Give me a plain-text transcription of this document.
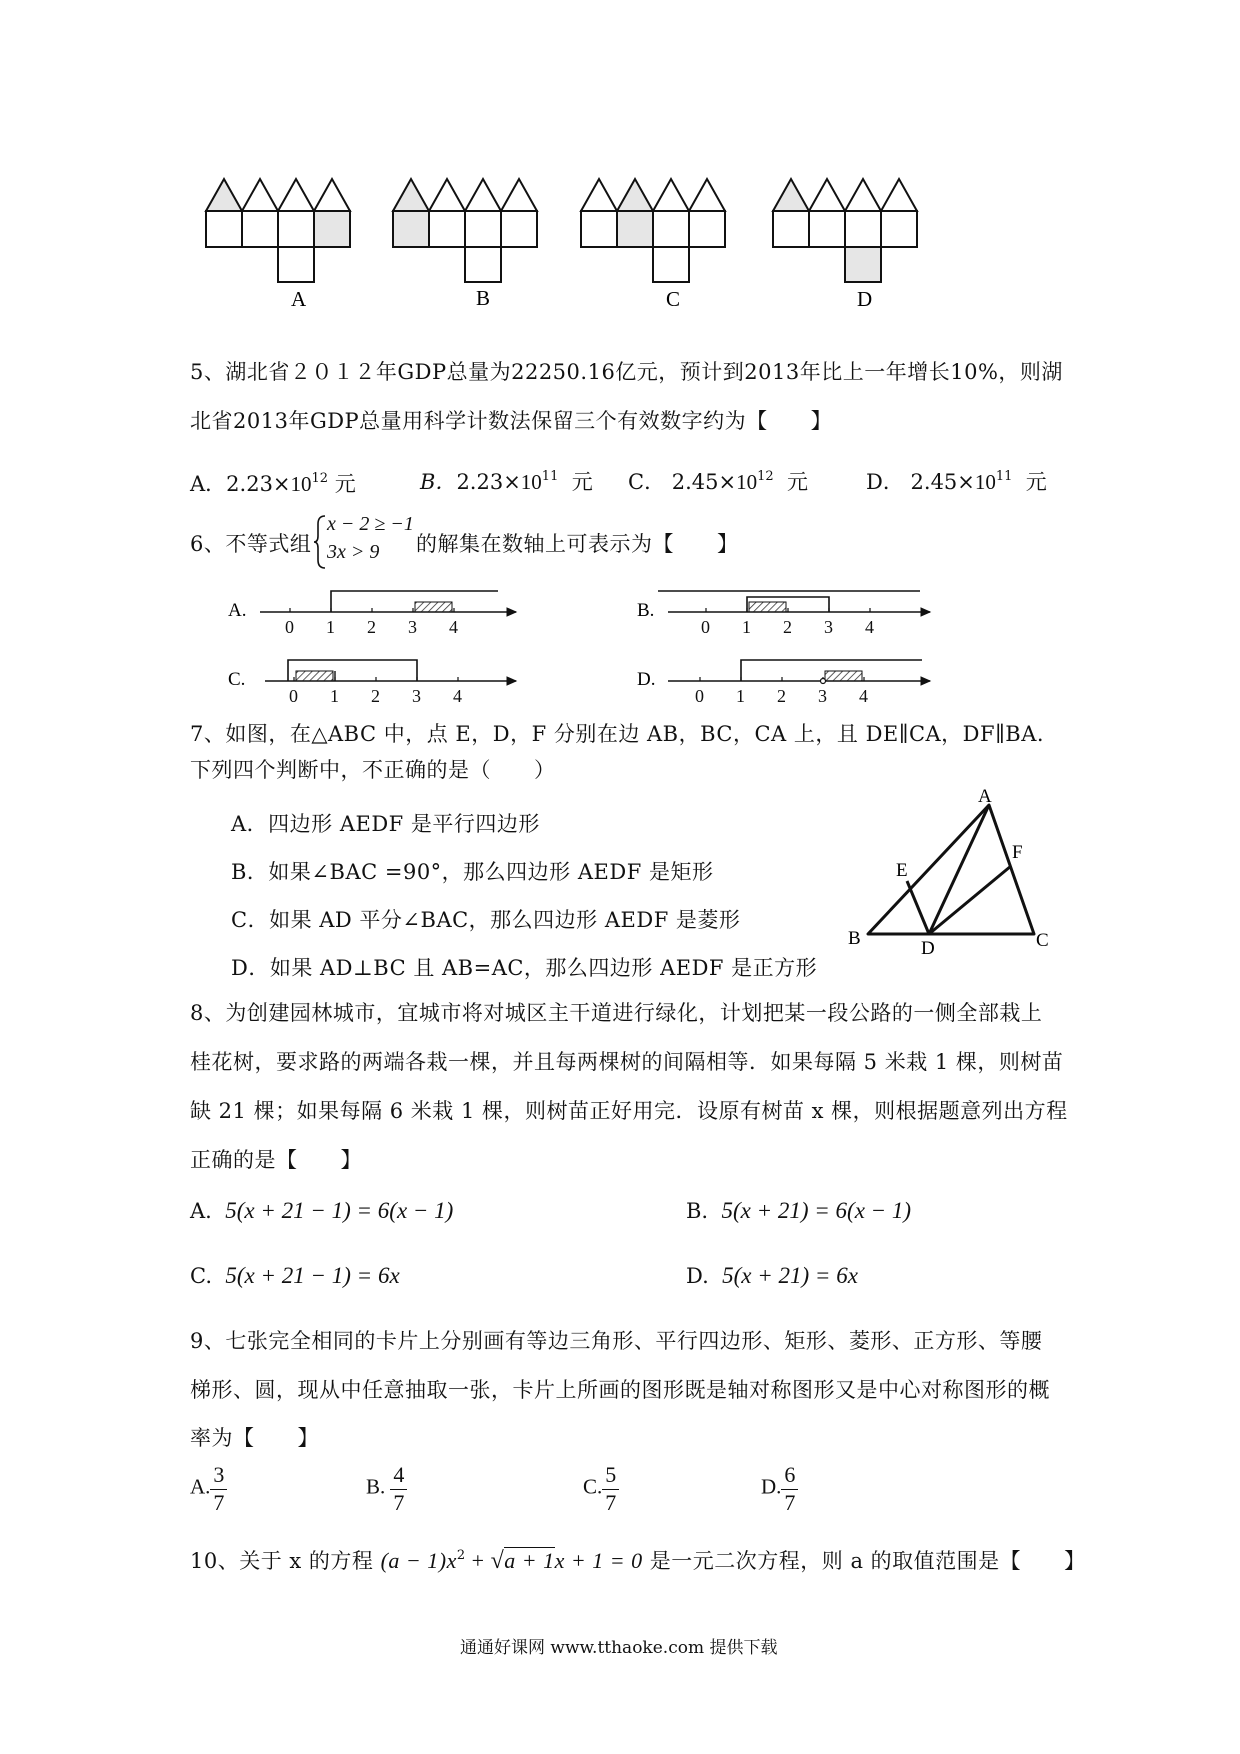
A	B	C	D
5、湖北省２０１２年GDP总量为22250.16亿元，预计到2013年比上一年增长10%，则湖
北省2013年GDP总量用科学计数法保留三个有效数字约为【　　】
A．$2.23\times 10^{12}$ 元	B．$2.23\times 10^{11}$ 元 C． $2.45\times 10^{12}$ 元	D． $2.45\times 10^{11}$ 元
6、不等式组
x − 2 ≥ −1
3x > 9 的解集在数轴上可表示为【　　】
A.	B.
C.	D.
0 1 2 3 4	0 1 2 3 4
0 1 2 3 4	0 1 2 3 4
7、如图，在△ABC 中，点 E，D，F 分别在边 AB，BC，CA 上，且 DE∥CA，DF∥BA.
下列四个判断中，不正确的是（　　）
A．四边形 AEDF 是平行四边形
B．如果∠BAC =90°，那么四边形 AEDF 是矩形
C．如果 AD 平分∠BAC，那么四边形 AEDF 是菱形
D．如果 AD⊥BC 且 AB=AC，那么四边形 AEDF 是正方形
A
B	C
D
E
F
8、为创建园林城市，宜城市将对城区主干道进行绿化，计划把某一段公路的一侧全部栽上
桂花树，要求路的两端各栽一棵，并且每两棵树的间隔相等．如果每隔 5 米栽 1 棵，则树苗
缺 21 棵；如果每隔 6 米栽 1 棵，则树苗正好用完．设原有树苗 x 棵，则根据题意列出方程
正确的是【　　】
A. 5(x + 21 − 1) = 6(x − 1)	B. 5(x + 21) = 6(x − 1)
C. 5(x + 21 − 1) = 6x	D. 5(x + 21) = 6x
9、七张完全相同的卡片上分别画有等边三角形、平行四边形、矩形、菱形、正方形、等腰
梯形、圆，现从中任意抽取一张，卡片上所画的图形既是轴对称图形又是中心对称图形的概
率为【　　】
A. $\frac{3}{7}$	B. $\frac{4}{7}$	C. $\frac{5}{7}$	D. $\frac{6}{7}$
10、关于 x 的方程 $(a - 1)x^2 + √a + 1x + 1 = 0$ 是一元二次方程，则 a 的取值范围是【　　】
通通好课网 www.tthaoke.com 提供下载
